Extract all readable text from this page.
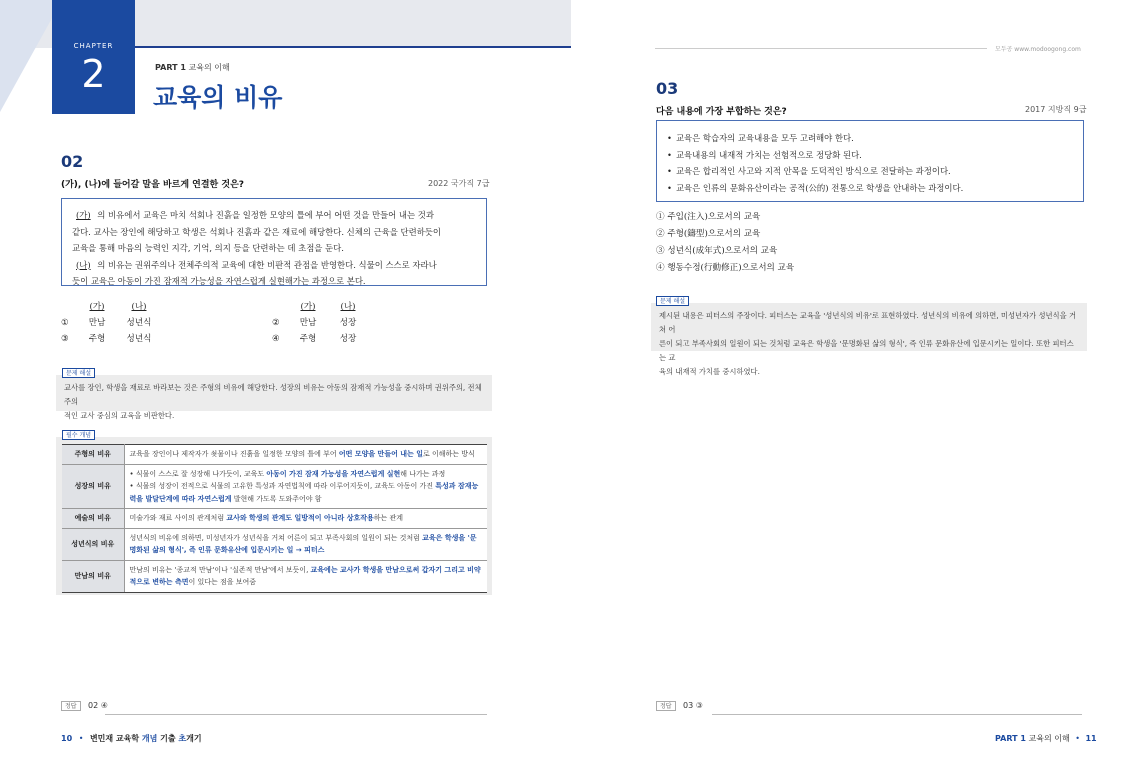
CHAPTER
2	PART 1 교육의 이해
교육의 비유
02
(가), (나)에 들어갈 말을 바르게 연결한 것은?	2022 국가직 7급
(가) 의 비유에서 교육은 마치 석회나 진흙을 일정한 모양의 틀에 부어 어떤 것을 만들어 내는 것과
같다. 교사는 장인에 해당하고 학생은 석회나 진흙과 같은 재료에 해당한다. 신체의 근육을 단련하듯이
교육을 통해 마음의 능력인 지각, 기억, 의지 등을 단련하는 데 초점을 둔다.
(나) 의 비유는 권위주의나 전체주의적 교육에 대한 비판적 관점을 반영한다. 식물이 스스로 자라나
듯이 교육은 아동이 가진 잠재적 가능성을 자연스럽게 실현해가는 과정으로 본다.
(가)	(나)
① 만남 성년식
③ 주형 성년식
(가)	(나)
② 만남	성장
④ 주형	성장
교사를 장인, 학생을 재료로 바라보는 것은 주형의 비유에 해당한다. 성장의 비유는 아동의 잠재적 가능성을 중시하며 권위주의, 전체주의
적인 교사 중심의 교육을 비판한다.
문제 해설
필수 개념
주형의 비유	교육을 장인이나 제작자가 쇳물이나 진흙을 일정한 모양의 틀에 부어 어떤 모양을 만들어 내는 일로 이해하는 방식

성장의 비유	• 식물이 스스로 잘 성장해 나가듯이, 교육도 아동이 가진 잠재 가능성을 자연스럽게 실현해 나가는 과정
• 식물의 성장이 전적으로 식물의 고유한 특성과 자연법칙에 따라 이루어지듯이, 교육도 아동이 가진 특성과 잠재능
력을 발달단계에 따라 자연스럽게 발현해 가도록 도와주어야 함

예술의 비유	미술가와 재료 사이의 관계처럼 교사와 학생의 관계도 일방적이 아니라 상호작용하는 관계

성년식의 비유	성년식의 비유에 의하면, 미성년자가 성년식을 거쳐 어른이 되고 부족사회의 일원이 되는 것처럼 교육은 학생을 '문
명화된 삶의 형식', 즉 인류 문화유산에 입문시키는 일 → 피터스

만남의 비유	만남의 비유는 '종교적 만남'이나 '실존적 만남'에서 보듯이, 교육에는 교사가 학생을 만남으로써 갑자기 그리고 비약
적으로 변하는 측면이 있다는 점을 보여줌
정답	02 ④
10 • 변민재 교육학 개념 기출 초개기
모두공 www.modoogong.com
03
다음 내용에 가장 부합하는 것은?	2017 지방직 9급
• 교육은 학습자의 교육내용을 모두 고려해야 한다.
• 교육내용의 내재적 가치는 선험적으로 정당화 된다.
• 교육은 합리적인 사고와 지적 안목을 도덕적인 방식으로 전달하는 과정이다.
• 교육은 인류의 문화유산이라는 공적(公的) 전통으로 학생을 안내하는 과정이다.
① 주입(注入)으로서의 교육
② 주형(鑄型)으로서의 교육
③ 성년식(成年式)으로서의 교육
④ 행동수정(行動修正)으로서의 교육
제시된 내용은 피터스의 주장이다. 피터스는 교육을 '성년식의 비유'로 표현하였다. 성년식의 비유에 의하면, 미성년자가 성년식을 거쳐 어
른이 되고 부족사회의 일원이 되는 것처럼 교육은 학생을 '문명화된 삶의 형식', 즉 인류 문화유산에 입문시키는 일이다. 또한 피터스는 교
육의 내재적 가치를 중시하였다.
문제 해설
정답	03 ③
PART 1 교육의 이해 • 11
